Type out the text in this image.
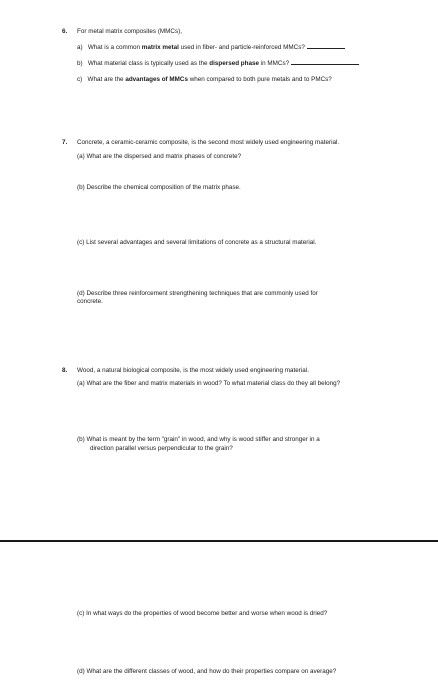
6. For metal matrix composites (MMCs),
a) What is a common matrix metal used in fiber- and particle-reinforced MMCs?
b) What material class is typically used as the dispersed phase in MMCs?
c) What are the advantages of MMCs when compared to both pure metals and to PMCs?
7. Concrete, a ceramic-ceramic composite, is the second most widely used engineering material.
(a) What are the dispersed and matrix phases of concrete?
(b) Describe the chemical composition of the matrix phase.
(c) List several advantages and several limitations of concrete as a structural material.
(d) Describe three reinforcement strengthening techniques that are commonly used for
concrete.
8. Wood, a natural biological composite, is the most widely used engineering material.
(a) What are the fiber and matrix materials in wood? To what material class do they all belong?
(b) What is meant by the term "grain" in wood, and why is wood stiffer and stronger in a
direction parallel versus perpendicular to the grain?
(c) In what ways do the properties of wood become better and worse when wood is dried?
(d) What are the different classes of wood, and how do their properties compare on average?
